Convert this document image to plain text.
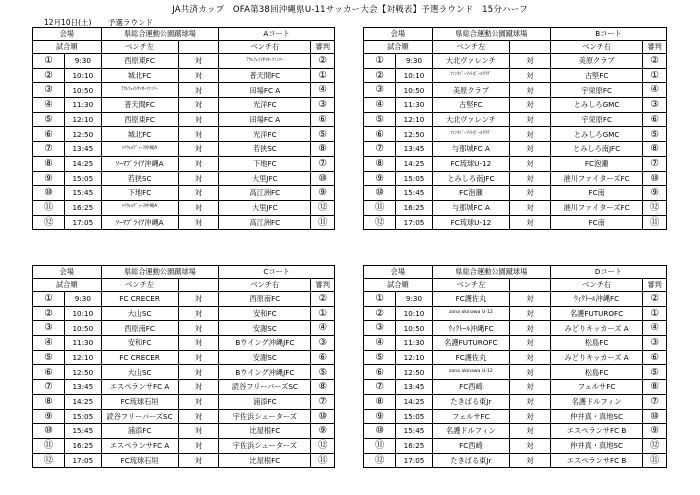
JA共済カップ　OFA第38回沖縄県U-11サッカー大会【対戦表】予選ラウンド　15分ハーフ
12月10日(土) 予選ラウンド
会場		県総合運動公園蹴球場		Aコート	
試合順		ベンチ左		ベンチ右	審判
①	9:30	西原東FC	対	ｱｸﾚﾌｪｲﾄｻｯｶｰﾌｧﾐﾘｰ	②
②	10:10	城北FC	対	普天間FC	①
③	10:50	ｱｸﾚﾌｪｲﾄｻｯｶｰﾌｧﾐﾘｰ	対	田場FC A	④
④	11:30	普天間FC	対	光洋FC	③
⑤	12:10	西原東FC	対	田場FC A	⑥
⑥	12:50	城北FC	対	光洋FC	⑤
⑦	13:45	ﾊﾘｳｪﾙﾃﾞｨｰﾗ沖縄A	対	若狭SC	⑧
⑧	14:25	ｿｰﾏﾌﾟﾗｲｱ沖縄A	対	下地FC	⑦
⑨	15:05	若狭SC	対	大里JFC	⑩
⑩	15:45	下地FC	対	高江洲FC	⑨
⑪	16:25	ﾊﾘｳｪﾙﾃﾞｨｰﾗ沖縄A	対	大里JFC	⑫
⑫	17:05	ｿｰﾏﾌﾟﾗｲｱ沖縄A	対	高江洲FC	⑪
会場		県総合運動公園蹴球場		Bコート	
試合順		ベンチ左		ベンチ右	審判
①	9:30	大北ヴァレンチ	対	美原クラブ	②
②	10:10	ﾌｧﾝﾀｼﾞｰﾌｯﾄﾎﾞｰﾙｸﾗﾌﾞ	対	古堅FC	①
③	10:50	美原クラブ	対	宇栄原FC	④
④	11:30	古堅FC	対	とみしろGMC	③
⑤	12:10	大北ヴァレンチ	対	宇栄原FC	⑥
⑥	12:50	ﾌｧﾝﾀｼﾞｰﾌｯﾄﾎﾞｰﾙｸﾗﾌﾞ	対	とみしろGMC	⑤
⑦	13:45	与那城FC A	対	とみしろ南JFC	⑧
⑧	14:25	FC琉球U-12	対	FC泡瀬	⑦
⑨	15:05	とみしろ南JFC	対	港川ファイターズFC	⑩
⑩	15:45	FC泡瀬	対	FC南	⑨
⑪	16:25	与那城FC A	対	港川ファイターズFC	⑫
⑫	17:05	FC琉球U-12	対	FC南	⑪
会場		県総合運動公園蹴球場		Cコート	
試合順		ベンチ左		ベンチ右	審判
①	9:30	FC CRECER	対	西原南FC	②
②	10:10	大山SC	対	安和FC	①
③	10:50	西原南FC	対	安謝SC	④
④	11:30	安和FC	対	Bウイング沖縄JFC	③
⑤	12:10	FC CRECER	対	安謝SC	⑥
⑥	12:50	大山SC	対	Bウイング沖縄JFC	⑤
⑦	13:45	エスペランサFC A	対	読谷フリーバーズSC	⑧
⑧	14:25	FC琉球石垣	対	浦添FC	⑦
⑨	15:05	読谷フリーバーズSC	対	宇佐浜シューターズ	⑩
⑩	15:45	浦添FC	対	比屋根FC	⑨
⑪	16:25	エスペランサFC A	対	宇佐浜シューターズ	⑫
⑫	17:05	FC琉球石垣	対	比屋根FC	⑪
会場		県総合運動公園蹴球場		Dコート	
試合順		ベンチ左		ベンチ右	審判
①	9:30	FC護佐丸	対	ｳｨｸﾄｰﾙ沖縄FC	②
②	10:10	zona okinawa U-12	対	名護FUTUROFC	①
③	10:50	ｳｨｸﾄｰﾙ沖縄FC	対	みどりキッカーズ A	④
④	11:30	名護FUTUROFC	対	松島FC	③
⑤	12:10	FC護佐丸	対	みどりキッカーズ A	⑥
⑥	12:50	zona okinawa U-12	対	松島FC	⑤
⑦	13:45	FC西崎	対	フェルサFC	⑧
⑧	14:25	たきばる東Jr	対	名護ドルフィン	⑦
⑨	15:05	フェルサFC	対	仲井真・真地SC	⑩
⑩	15:45	名護ドルフィン	対	エスペランサFC B	⑨
⑪	16:25	FC西崎	対	仲井真・真地SC	⑫
⑫	17:05	たきばる東Jr	対	エスペランサFC B	⑪
